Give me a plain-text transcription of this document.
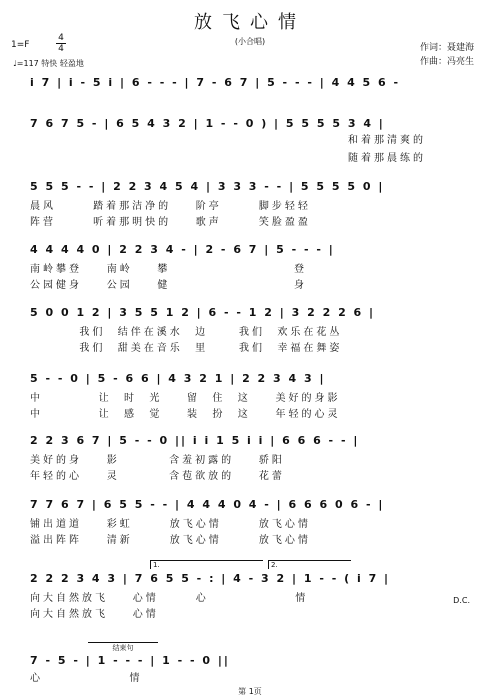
放飞心情
(小合唱)
1=F
4
4
♩=117 特快 轻盈地
作词：聂建海
作曲：冯亮生
i 7 | i - 5 i | 6 - - - | 7 - 6 7 | 5 - - - | 4 4 5 6 -
7 6 7 5 - | 6 5 4 3 2 | 1 - - 0 ) | 5 5 5 5 3 4 |
和着那清爽的
随着那晨练的
5 5 5 - - | 2 2 3 4 5 4 | 3 3 3 - - | 5 5 5 5 0 |
晨风      踏着那洁净的    阶亭      脚步轻轻
阵营      听着那明快的    歌声      笑脸盈盈
4 4 4 4 0 | 2 2 3 4 - | 2 - 6 7 | 5 - - - |
南岭攀登    南岭    攀                    登
公园健身    公园    健                    身
5 0 0 1 2 | 3 5 5 1 2 | 6 - - 1 2 | 3 2 2 2 6 |
我们  结伴在溪水  边     我们  欢乐在花丛
我们  甜美在音乐  里     我们  幸福在舞姿
5 - - 0 | 5 - 6 6 | 4 3 2 1 | 2 2 3 4 3 |
中         让  时  光    留  住  这    美好的身影
中         让  感  觉    装  扮  这    年轻的心灵
2 2 3 6 7 | 5 - - 0 || i i 1 5 i i | 6 6 6 - - |
美好的身    影        含羞初露的    骄阳
年轻的心    灵        含苞欲放的    花蕾
7 7 6 7 | 6 5 5 - - | 4 4 4 0 4 - | 6 6 6 0 6 - |
铺出道道    彩虹      放飞心情      放飞心情
溢出阵阵    清新      放飞心情      放飞心情
1.	2.
2 2 2 3 4 3 | 7 6 5 5 - : | 4 - 3 2 | 1 - - ( i 7 |
向大自然放飞    心情      心              情
向大自然放飞    心情
D.C.
结束句
7 - 5 - | 1 - - - | 1 - - 0 ||
心              情
第 1页
